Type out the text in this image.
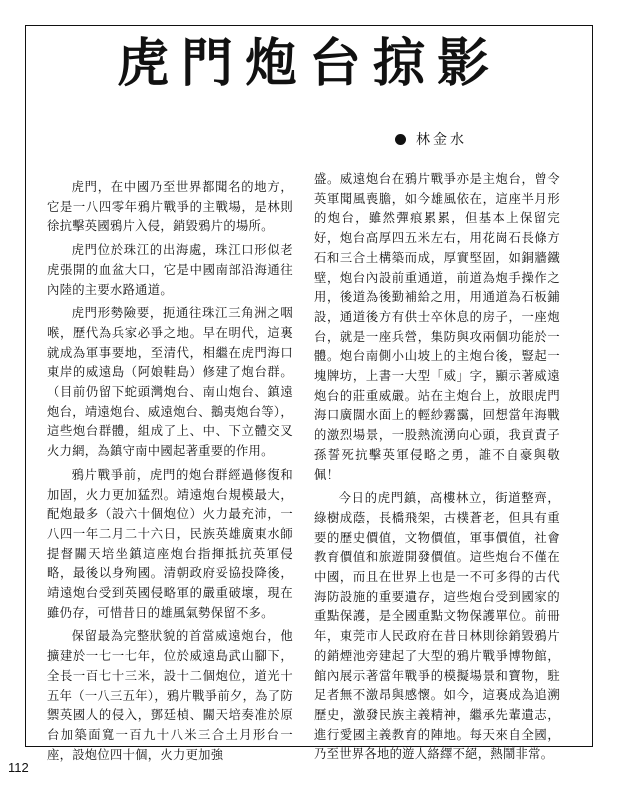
虎門炮台掠影
林金水

虎門，在中國乃至世界都聞名的地方，它是一八四零年鴉片戰爭的主戰場，是林則徐抗擊英國鴉片入侵，銷毀鴉片的場所。

虎門位於珠江的出海處，珠江口形似老虎張開的血盆大口，它是中國南部沿海通往內陸的主要水路通道。

虎門形勢險要，扼通往珠江三角洲之咽喉，歷代為兵家必爭之地。早在明代，這裏就成為軍事要地，至清代，相繼在虎門海口東岸的威遠島（阿娘鞋島）修建了炮台群。（目前仍留下蛇頭灣炮台、南山炮台、鎮遠炮台，靖遠炮台、威遠炮台、鵝夷炮台等），這些炮台群體，組成了上、中、下立體交叉火力網，為鎮守南中國起著重要的作用。

鴉片戰爭前，虎門的炮台群經過修復和加固，火力更加猛烈。靖遠炮台規模最大，配炮最多（設六十個炮位）火力最充沛，一八四一年二月二十六日，民族英雄廣東水師提督關天培坐鎮這座炮台指揮抵抗英軍侵略，最後以身殉國。清朝政府妥協投降後，靖遠炮台受到英國侵略軍的嚴重破壞，現在雖仍存，可惜昔日的雄風氣勢保留不多。

保留最為完整狀貌的首當威遠炮台，他擴建於一七一七年，位於威遠島武山腳下，全長一百七十三米，設十二個炮位，道光十五年（一八三五年），鴉片戰爭前夕，為了防禦英國人的侵入，鄧廷楨、關天培奏准於原台加築面寬一百九十八米三合土月形台一座，設炮位四十個，火力更加強

盛。威遠炮台在鴉片戰爭亦是主炮台，曾令英軍聞風喪膽，如今雄風依在，這座半月形的炮台，雖然彈痕累累，但基本上保留完好，炮台高厚四五米左右，用花崗石長條方石和三合土構築而成，厚實堅固，如銅牆鐵壁，炮台內設前重通道，前道為炮手操作之用，後道為後勤補給之用，用通道為石板鋪設，通道後方有供士卒休息的房子，一座炮台，就是一座兵營，集防與攻兩個功能於一體。炮台南側小山坡上的主炮台後，豎起一塊牌坊，上書一大型「威」字，顯示著威遠炮台的莊重威嚴。站在主炮台上，放眼虎門海口廣闊水面上的輕紗霧靄，回想當年海戰的激烈場景，一股熱流湧向心頭，我貢責子孫誓死抗擊英軍侵略之勇，誰不自豪與敬佩！

今日的虎門鎮，高樓林立，街道整齊，綠樹成蔭，長橋飛架，古樸蒼老，但具有重要的歷史價值，文物價值，軍事價值，社會教育價值和旅遊開發價值。這些炮台不僅在中國，而且在世界上也是一不可多得的古代海防設施的重要遺存，這些炮台受到國家的重點保護，是全國重點文物保護單位。前冊年，東莞市人民政府在昔日林則徐銷毀鴉片的銷煙池旁建起了大型的鴉片戰爭博物館，館內展示著當年戰爭的模擬場景和寶物，駐足者無不激昂與感懷。如今，這裏成為追溯歷史，激發民族主義精神，繼承先輩遺志，進行愛國主義教育的陣地。每天來自全國，乃至世界各地的遊人絡繹不絕，熱鬧非常。

112
